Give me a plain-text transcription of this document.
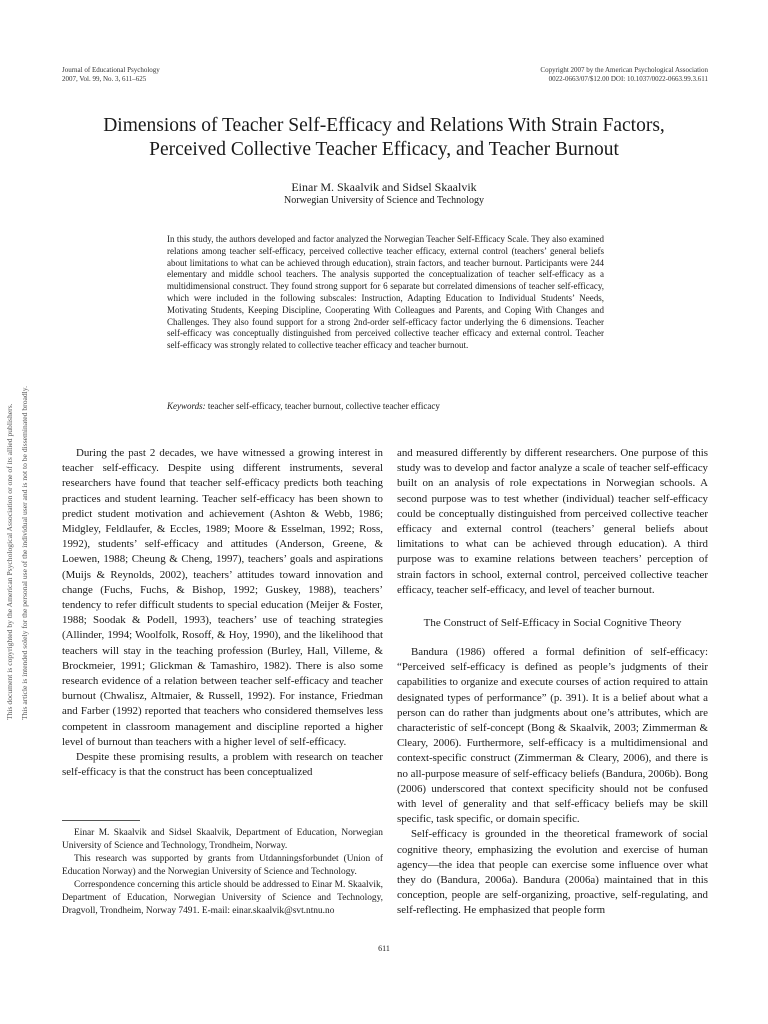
Journal of Educational Psychology
2007, Vol. 99, No. 3, 611–625
Copyright 2007 by the American Psychological Association
0022-0663/07/$12.00 DOI: 10.1037/0022-0663.99.3.611
Dimensions of Teacher Self-Efficacy and Relations With Strain Factors,
Perceived Collective Teacher Efficacy, and Teacher Burnout
Einar M. Skaalvik and Sidsel Skaalvik
Norwegian University of Science and Technology

In this study, the authors developed and factor analyzed the Norwegian Teacher Self-Efficacy Scale. They also examined relations among teacher self-efficacy, perceived collective teacher efficacy, external control (teachers’ general beliefs about limitations to what can be achieved through education), strain factors, and teacher burnout. Participants were 244 elementary and middle school teachers. The analysis supported the conceptualization of teacher self-efficacy as a multidimensional construct. They found strong support for 6 separate but correlated dimensions of teacher self-efficacy, which were included in the following subscales: Instruction, Adapting Education to Individual Students’ Needs, Motivating Students, Keeping Discipline, Cooperating With Colleagues and Parents, and Coping With Changes and Challenges. They also found support for a strong 2nd-order self-efficacy factor underlying the 6 dimensions. Teacher self-efficacy was conceptually distinguished from perceived collective teacher efficacy and external control. Teacher self-efficacy was strongly related to collective teacher efficacy and teacher burnout.

Keywords: teacher self-efficacy, teacher burnout, collective teacher efficacy

This document is copyrighted by the American Psychological Association or one of its allied publishers. This article is intended solely for the personal use of the individual user and is not to be disseminated broadly.	During the past 2 decades, we have witnessed a growing interest in teacher self-efficacy. Despite using different instruments, several researchers have found that teacher self-efficacy predicts both teaching practices and student learning. Teacher self-efficacy has been shown to predict student motivation and achievement (Ashton & Webb, 1986; Midgley, Feldlaufer, & Eccles, 1989; Moore & Esselman, 1992; Ross, 1992), students’ self-efficacy and attitudes (Anderson, Greene, & Loewen, 1988; Cheung & Cheng, 1997), teachers’ goals and aspirations (Muijs & Reynolds, 2002), teachers’ attitudes toward innovation and change (Fuchs, Fuchs, & Bishop, 1992; Guskey, 1988), teachers’ tendency to refer difficult students to special education (Meijer & Foster, 1988; Soodak & Podell, 1993), teachers’ use of teaching strategies (Allinder, 1994; Woolfolk, Rosoff, & Hoy, 1990), and the likelihood that teachers will stay in the teaching profession (Burley, Hall, Villeme, & Brockmeier, 1991; Glickman & Tamashiro, 1982). There is also some research evidence of a relation between teacher self-efficacy and teacher burnout (Chwalisz, Altmaier, & Russell, 1992). For instance, Friedman and Farber (1992) reported that teachers who considered themselves less competent in classroom management and discipline reported a higher level of burnout than teachers with a higher level of self-efficacy.

Despite these promising results, a problem with research on teacher self-efficacy is that the construct has been conceptualized

Einar M. Skaalvik and Sidsel Skaalvik, Department of Education, Norwegian University of Science and Technology, Trondheim, Norway.

This research was supported by grants from Utdanningsforbundet (Union of Education Norway) and the Norwegian University of Science and Technology.

Correspondence concerning this article should be addressed to Einar M. Skaalvik, Department of Education, Norwegian University of Science and Technology, Dragvoll, Trondheim, Norway 7491. E-mail: einar.skaalvik@svt.ntnu.no

and measured differently by different researchers. One purpose of this study was to develop and factor analyze a scale of teacher self-efficacy built on an analysis of role expectations in Norwegian schools. A second purpose was to test whether (individual) teacher self-efficacy could be conceptually distinguished from perceived collective teacher efficacy and external control (teachers’ general beliefs about limitations to what can be achieved through education). A third purpose was to examine relations between teachers’ perception of strain factors in school, external control, perceived collective teacher efficacy, teacher self-efficacy, and level of teacher burnout.

The Construct of Self-Efficacy in Social Cognitive Theory

Bandura (1986) offered a formal definition of self-efficacy: “Perceived self-efficacy is defined as people’s judgments of their capabilities to organize and execute courses of action required to attain designated types of performance” (p. 391). It is a belief about what a person can do rather than judgments about one’s attributes, which are characteristic of self-concept (Bong & Skaalvik, 2003; Zimmerman & Cleary, 2006). Furthermore, self-efficacy is a multidimensional and context-specific construct (Zimmerman & Cleary, 2006), and there is no all-purpose measure of self-efficacy beliefs (Bandura, 2006b). Bong (2006) underscored that context specificity should not be confused with level of generality and that self-efficacy beliefs may be skill specific, task specific, or domain specific.

Self-efficacy is grounded in the theoretical framework of social cognitive theory, emphasizing the evolution and exercise of human agency—the idea that people can exercise some influence over what they do (Bandura, 2006a). Bandura (2006a) maintained that in this conception, people are self-organizing, proactive, self-regulating, and self-reflecting. He emphasized that people form

611
